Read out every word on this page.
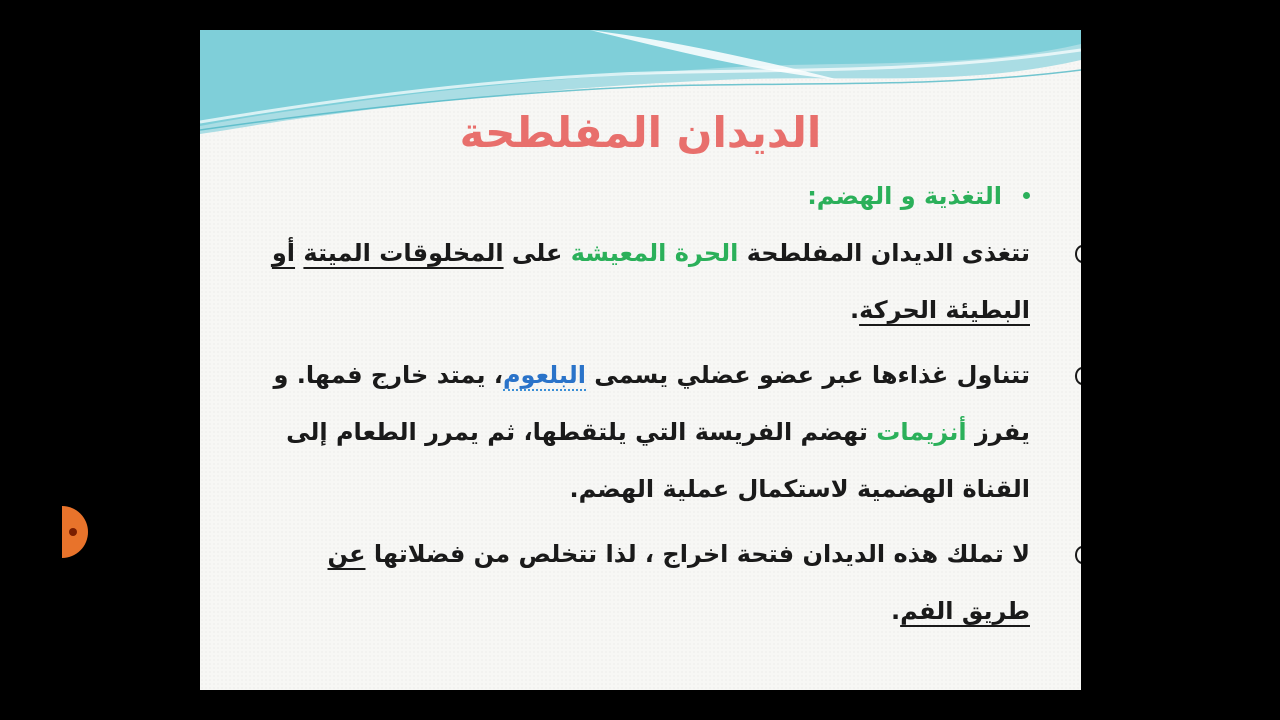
الديدان المفلطحة
التغذية و الهضم:
تتغذى الديدان المفلطحة الحرة المعيشة على المخلوقات الميتة أو البطيئة الحركة.
تتناول غذاءها عبر عضو عضلي يسمى البلعوم، يمتد خارج فمها. و يفرز أنزيمات تهضم الفريسة التي يلتقطها، ثم يمرر الطعام إلى القناة الهضمية لاستكمال عملية الهضم.
لا تملك هذه الديدان فتحة اخراج ، لذا تتخلص من فضلاتها عن طريق الفم.
